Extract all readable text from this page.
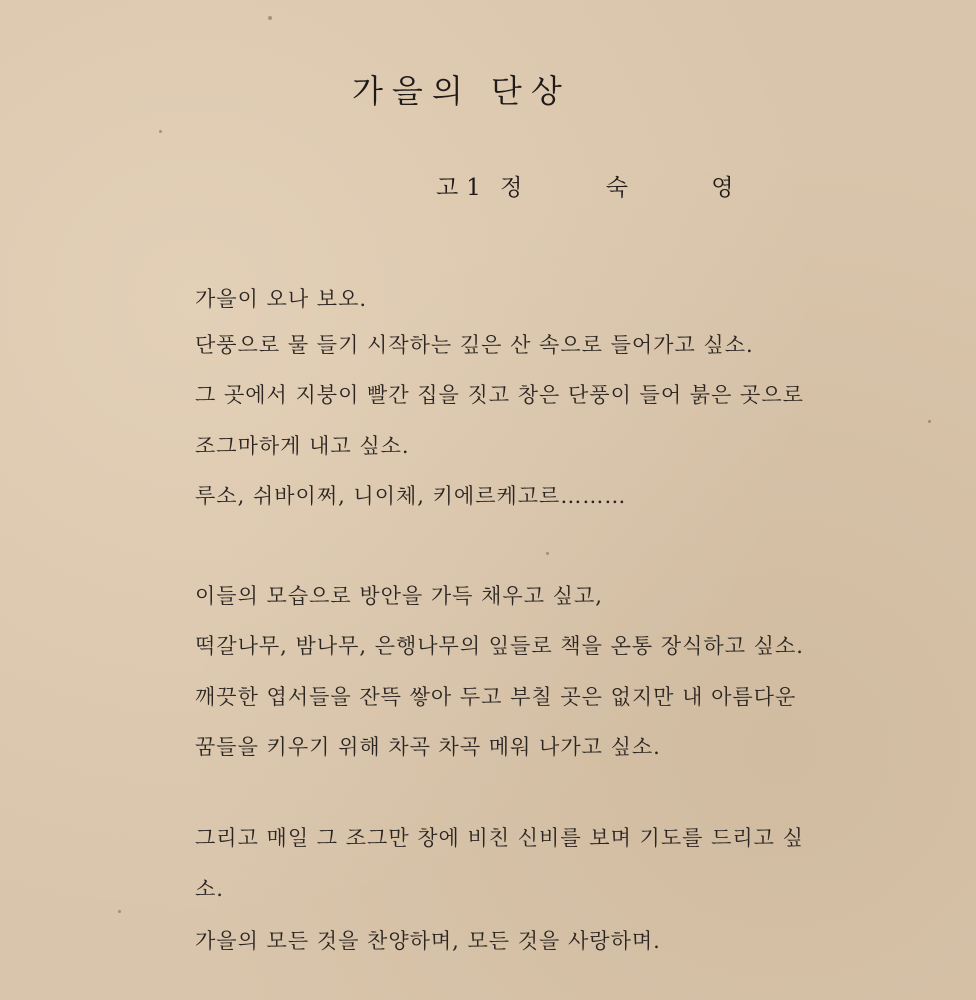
가을의 단상
고1 정 숙 영
가을이 오나 보오.
단풍으로 물 들기 시작하는 깊은 산 속으로 들어가고 싶소.
그 곳에서 지붕이 빨간 집을 짓고 창은 단풍이 들어 붉은 곳으로
조그마하게 내고 싶소.
루소, 쉬바이쩌, 니이체, 키에르케고르………
이들의 모습으로 방안을 가득 채우고 싶고,
떡갈나무, 밤나무, 은행나무의 잎들로 책을 온통 장식하고 싶소.
깨끗한 엽서들을 잔뜩 쌓아 두고 부칠 곳은 없지만 내 아름다운
꿈들을 키우기 위해 차곡 차곡 메워 나가고 싶소.
그리고 매일 그 조그만 창에 비친 신비를 보며 기도를 드리고 싶
소.
가을의 모든 것을 찬양하며, 모든 것을 사랑하며.
